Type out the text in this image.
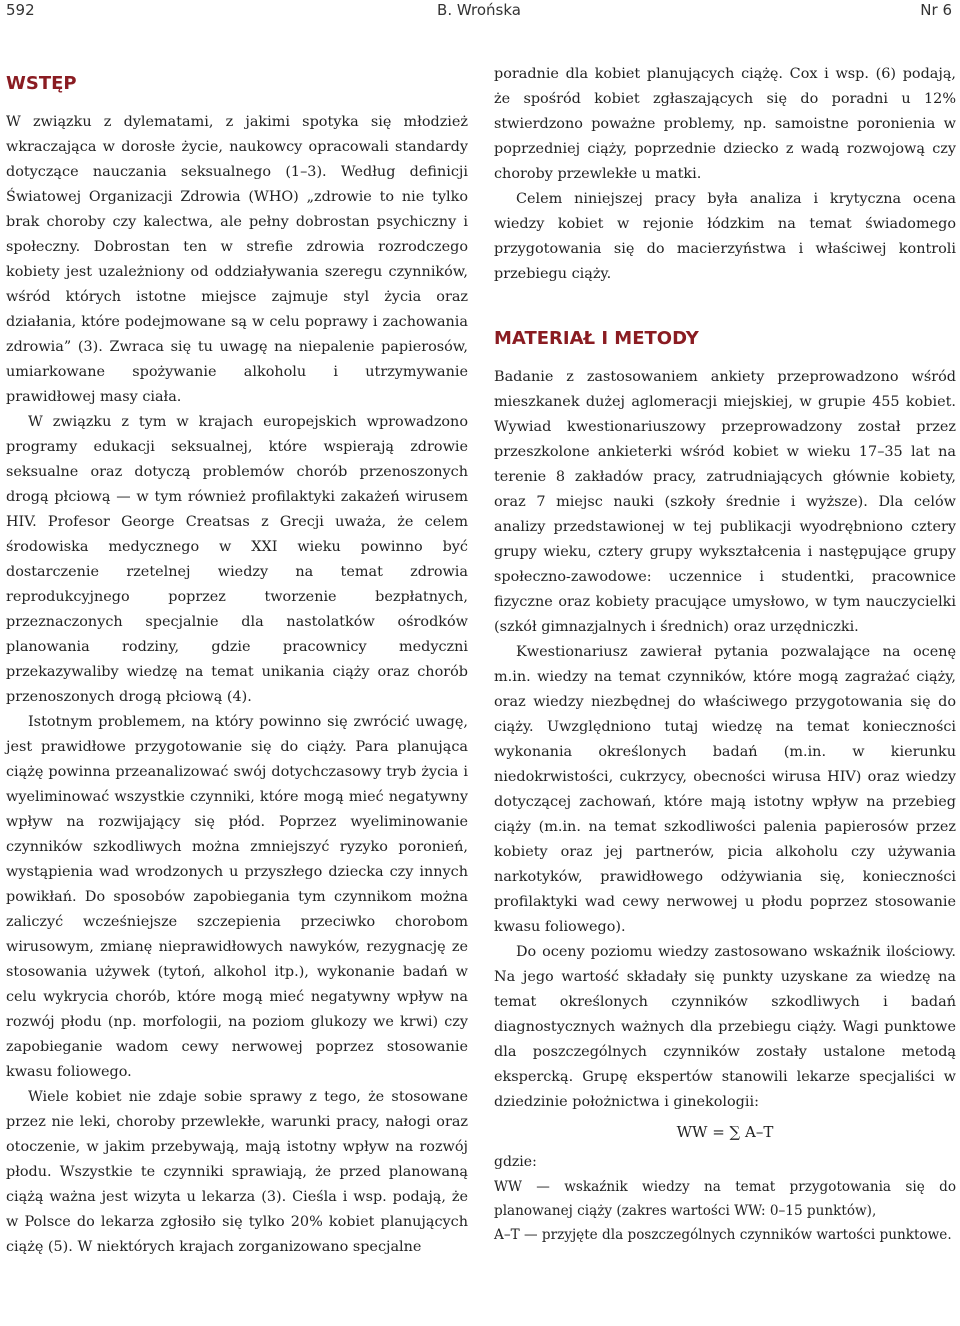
592	B. Wrońska	Nr 6
WSTĘP

W związku z dylematami, z jakimi spotyka się młodzież wkraczająca w dorosłe życie, naukowcy opracowali standardy dotyczące nauczania seksualnego (1–3). Według definicji Światowej Organizacji Zdrowia (WHO) „zdrowie to nie tylko brak choroby czy kalectwa, ale pełny dobrostan psychiczny i społeczny. Dobrostan ten w strefie zdrowia rozrodczego kobiety jest uzależniony od oddziaływania szeregu czynników, wśród których istotne miejsce zajmuje styl życia oraz działania, które podejmowane są w celu poprawy i zachowania zdrowia” (3). Zwraca się tu uwagę na niepalenie papierosów, umiarkowane spożywanie alkoholu i utrzymywanie prawidłowej masy ciała.

W związku z tym w krajach europejskich wprowadzono programy edukacji seksualnej, które wspierają zdrowie seksualne oraz dotyczą problemów chorób przenoszonych drogą płciową — w tym również profilaktyki zakażeń wirusem HIV. Profesor George Creatsas z Grecji uważa, że celem środowiska medycznego w XXI wieku powinno być dostarczenie rzetelnej wiedzy na temat zdrowia reprodukcyjnego poprzez tworzenie bezpłatnych, przeznaczonych specjalnie dla nastolatków ośrodków planowania rodziny, gdzie pracownicy medyczni przekazywaliby wiedzę na temat unikania ciąży oraz chorób przenoszonych drogą płciową (4).

Istotnym problemem, na który powinno się zwrócić uwagę, jest prawidłowe przygotowanie się do ciąży. Para planująca ciążę powinna przeanalizować swój dotychczasowy tryb życia i wyeliminować wszystkie czynniki, które mogą mieć negatywny wpływ na rozwijający się płód. Poprzez wyeliminowanie czynników szkodliwych można zmniejszyć ryzyko poronień, wystąpienia wad wrodzonych u przyszłego dziecka czy innych powikłań. Do sposobów zapobiegania tym czynnikom można zaliczyć wcześniejsze szczepienia przeciwko chorobom wirusowym, zmianę nieprawidłowych nawyków, rezygnację ze stosowania używek (tytoń, alkohol itp.), wykonanie badań w celu wykrycia chorób, które mogą mieć negatywny wpływ na rozwój płodu (np. morfologii, na poziom glukozy we krwi) czy zapobieganie wadom cewy nerwowej poprzez stosowanie kwasu foliowego.

Wiele kobiet nie zdaje sobie sprawy z tego, że stosowane przez nie leki, choroby przewlekłe, warunki pracy, nałogi oraz otoczenie, w jakim przebywają, mają istotny wpływ na rozwój płodu. Wszystkie te czynniki sprawiają, że przed planowaną ciążą ważna jest wizyta u lekarza (3). Cieśla i wsp. podają, że w Polsce do lekarza zgłosiło się tylko 20% kobiet planujących ciążę (5). W niektórych krajach zorganizowano specjalne

poradnie dla kobiet planujących ciążę. Cox i wsp. (6) podają, że spośród kobiet zgłaszających się do poradni u 12% stwierdzono poważne problemy, np. samoistne poronienia w poprzedniej ciąży, poprzednie dziecko z wadą rozwojową czy choroby przewlekłe u matki.

Celem niniejszej pracy była analiza i krytyczna ocena wiedzy kobiet w rejonie łódzkim na temat świadomego przygotowania się do macierzyństwa i właściwej kontroli przebiegu ciąży.

MATERIAŁ I METODY

Badanie z zastosowaniem ankiety przeprowadzono wśród mieszkanek dużej aglomeracji miejskiej, w grupie 455 kobiet. Wywiad kwestionariuszowy przeprowadzony został przez przeszkolone ankieterki wśród kobiet w wieku 17–35 lat na terenie 8 zakładów pracy, zatrudniających głównie kobiety, oraz 7 miejsc nauki (szkoły średnie i wyższe). Dla celów analizy przedstawionej w tej publikacji wyodrębniono cztery grupy wieku, cztery grupy wykształcenia i następujące grupy społeczno-zawodowe: uczennice i studentki, pracownice fizyczne oraz kobiety pracujące umysłowo, w tym nauczycielki (szkół gimnazjalnych i średnich) oraz urzędniczki.

Kwestionariusz zawierał pytania pozwalające na ocenę m.in. wiedzy na temat czynników, które mogą zagrażać ciąży, oraz wiedzy niezbędnej do właściwego przygotowania się do ciąży. Uwzględniono tutaj wiedzę na temat konieczności wykonania określonych badań (m.in. w kierunku niedokrwistości, cukrzycy, obecności wirusa HIV) oraz wiedzy dotyczącej zachowań, które mają istotny wpływ na przebieg ciąży (m.in. na temat szkodliwości palenia papierosów przez kobiety oraz jej partnerów, picia alkoholu czy używania narkotyków, prawidłowego odżywiania się, konieczności profilaktyki wad cewy nerwowej u płodu poprzez stosowanie kwasu foliowego).

Do oceny poziomu wiedzy zastosowano wskaźnik ilościowy. Na jego wartość składały się punkty uzyskane za wiedzę na temat określonych czynników szkodliwych i badań diagnostycznych ważnych dla przebiegu ciąży. Wagi punktowe dla poszczególnych czynników zostały ustalone metodą ekspercką. Grupę ekspertów stanowili lekarze specjaliści w dziedzinie położnictwa i ginekologii:

WW = ∑ A–T
gdzie:

WW — wskaźnik wiedzy na temat przygotowania się do planowanej ciąży (zakres wartości WW: 0–15 punktów),

A–T — przyjęte dla poszczególnych czynników wartości punktowe.
